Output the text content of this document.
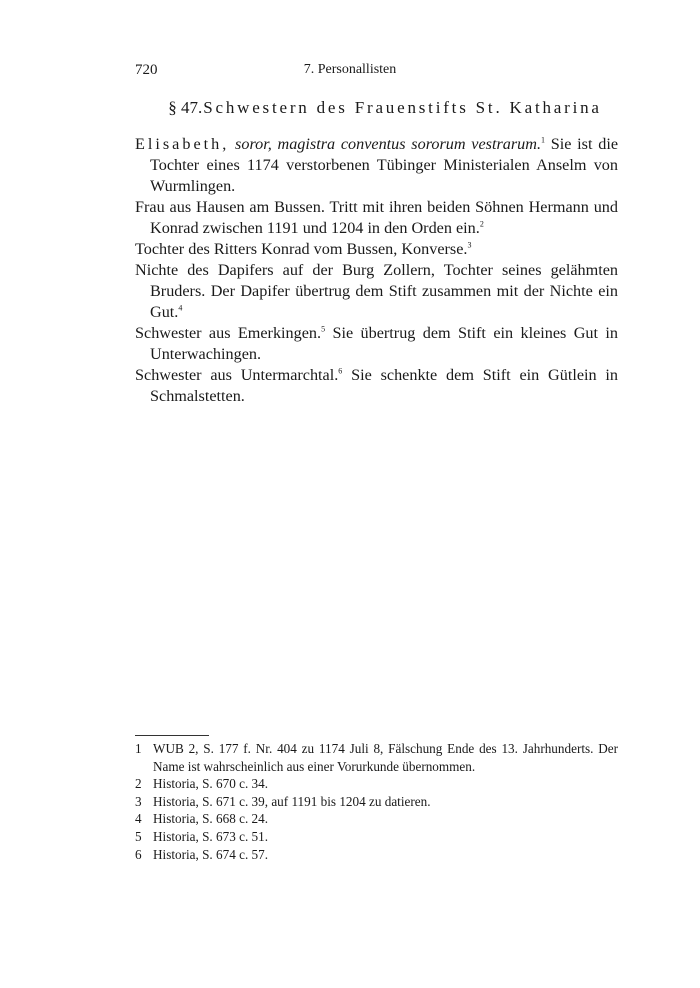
720	7. Personallisten
§ 47.Schwestern des Frauenstifts St. Katharina

Elisabeth, soror, magistra conventus sororum vestrarum.$^1$ Sie ist die Tochter eines 1174 verstorbenen Tübinger Ministerialen Anselm von Wurmlingen.

Frau aus Hausen am Bussen. Tritt mit ihren beiden Söhnen Hermann und Konrad zwischen 1191 und 1204 in den Orden ein.$^2$

Tochter des Ritters Konrad vom Bussen, Konverse.$^3$

Nichte des Dapifers auf der Burg Zollern, Tochter seines gelähmten Bruders. Der Dapifer übertrug dem Stift zusammen mit der Nichte ein Gut.$^4$

Schwester aus Emerkingen.$^5$ Sie übertrug dem Stift ein kleines Gut in Unterwachingen.

Schwester aus Untermarchtal.$^6$ Sie schenkte dem Stift ein Gütlein in Schmalstetten.

1 WUB 2, S. 177 f. Nr. 404 zu 1174 Juli 8, Fälschung Ende des 13. Jahrhunderts. Der Name ist wahrscheinlich aus einer Vorurkunde übernommen.
2 Historia, S. 670 c. 34.
3 Historia, S. 671 c. 39, auf 1191 bis 1204 zu datieren.
4 Historia, S. 668 c. 24.
5 Historia, S. 673 c. 51.
6 Historia, S. 674 c. 57.
